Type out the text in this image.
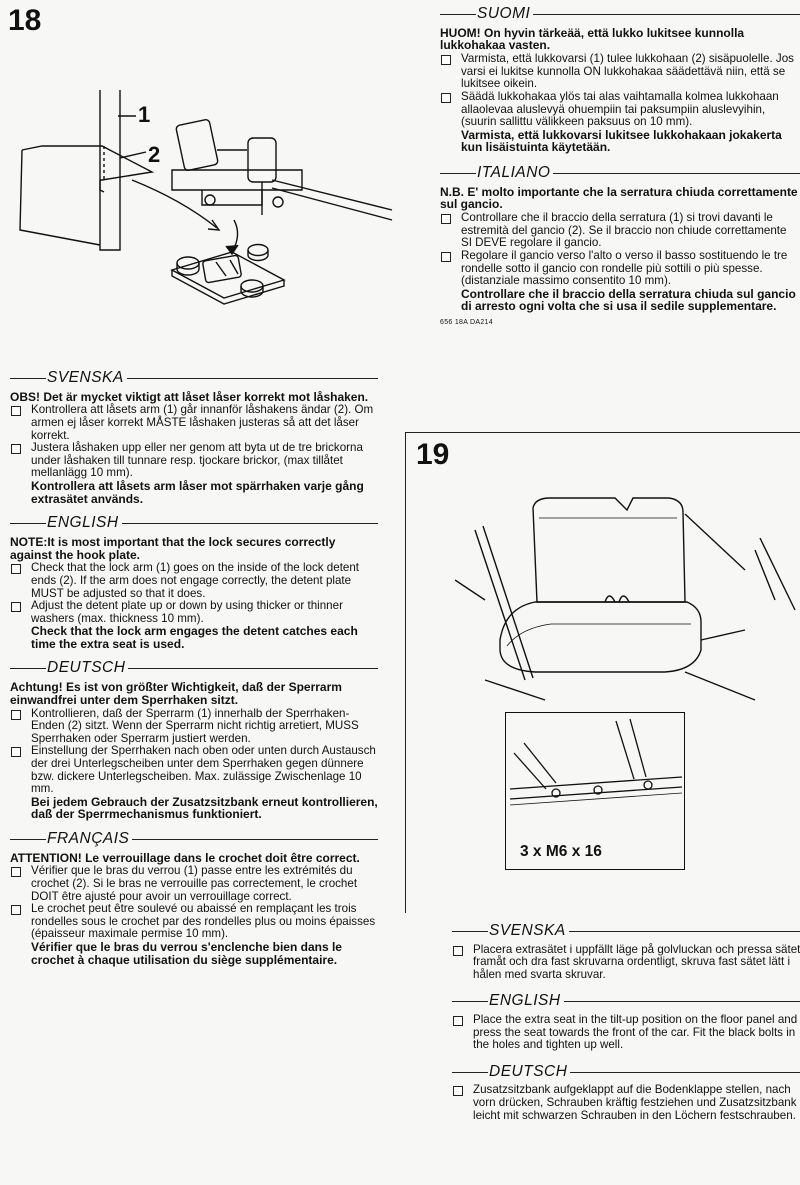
18
1
2
SUOMI
HUOM! On hyvin tärkeää, että lukko lukitsee kunnolla lukkohakaa vasten.
Varmista, että lukkovarsi (1) tulee lukkohaan (2) sisäpuolelle. Jos varsi ei lukitse kunnolla ON lukkohakaa säädettävä niin, että se lukitsee oikein.
Säädä lukkohakaa ylös tai alas vaihtamalla kolmea lukkohaan allaolevaa aluslevyä ohuempiin tai paksumpiin aluslevyihin, (suurin sallittu välikkeen paksuus on 10 mm).
Varmista, että lukkovarsi lukitsee lukkohakaan jokakerta kun lisäistuinta käytetään.
ITALIANO
N.B. E' molto importante che la serratura chiuda correttamente sul gancio.
Controllare che il braccio della serratura (1) si trovi davanti le estremità del gancio (2). Se il braccio non chiude correttamente SI DEVE regolare il gancio.
Regolare il gancio verso l'alto o verso il basso sostituendo le tre rondelle sotto il gancio con rondelle più sottili o più spesse. (distanziale massimo consentito 10 mm).
Controllare che il braccio della serratura chiuda sul gancio di arresto ogni volta che si usa il sedile supplementare.
656 18A DA214
SVENSKA
OBS! Det är mycket viktigt att låset låser korrekt mot låshaken.
Kontrollera att låsets arm (1) går innanför låshakens ändar (2). Om armen ej låser korrekt MÅSTE låshaken justeras så att det låser korrekt.
Justera låshaken upp eller ner genom att byta ut de tre brickorna under låshaken till tunnare resp. tjockare brickor, (max tillåtet mellanlägg 10 mm).
Kontrollera att låsets arm låser mot spärrhaken varje gång extrasätet används.
ENGLISH
NOTE:It is most important that the lock secures correctly against the hook plate.
Check that the lock arm (1) goes on the inside of the lock detent ends (2). If the arm does not engage correctly, the detent plate MUST be adjusted so that it does.
Adjust the detent plate up or down by using thicker or thinner washers (max. thickness 10 mm).
Check that the lock arm engages the detent catches each time the extra seat is used.
DEUTSCH
Achtung! Es ist von größter Wichtigkeit, daß der Sperrarm einwandfrei unter dem Sperrhaken sitzt.
Kontrollieren, daß der Sperrarm (1) innerhalb der Sperrhaken-Enden (2) sitzt. Wenn der Sperrarm nicht richtig arretiert, MUSS Sperrhaken oder Sperrarm justiert werden.
Einstellung der Sperrhaken nach oben oder unten durch Austausch der drei Unterlegscheiben unter dem Sperrhaken gegen dünnere bzw. dickere Unterlegscheiben. Max. zulässige Zwischenlage 10 mm.
Bei jedem Gebrauch der Zusatzsitzbank erneut kontrollieren, daß der Sperrmechanismus funktioniert.
FRANÇAIS
ATTENTION! Le verrouillage dans le crochet doit être correct.
Vérifier que le bras du verrou (1) passe entre les extrémités du crochet (2). Si le bras ne verrouille pas correctement, le crochet DOIT être ajusté pour avoir un verrouillage correct.
Le crochet peut être soulevé ou abaissé en remplaçant les trois rondelles sous le crochet par des rondelles plus ou moins épaisses (épaisseur maximale permise 10 mm).
Vérifier que le bras du verrou s'enclenche bien dans le crochet à chaque utilisation du siège supplémentaire.
19
3 x M6 x 16
SVENSKA
Placera extrasätet i uppfällt läge på golvluckan och pressa sätet framåt och dra fast skruvarna ordentligt, skruva fast sätet lätt i hålen med svarta skruvar.
ENGLISH
Place the extra seat in the tilt-up position on the floor panel and press the seat towards the front of the car. Fit the black bolts in the holes and tighten up well.
DEUTSCH
Zusatzsitzbank aufgeklappt auf die Bodenklappe stellen, nach vorn drücken, Schrauben kräftig festziehen und Zusatzsitzbank leicht mit schwarzen Schrauben in den Löchern festschrauben.
